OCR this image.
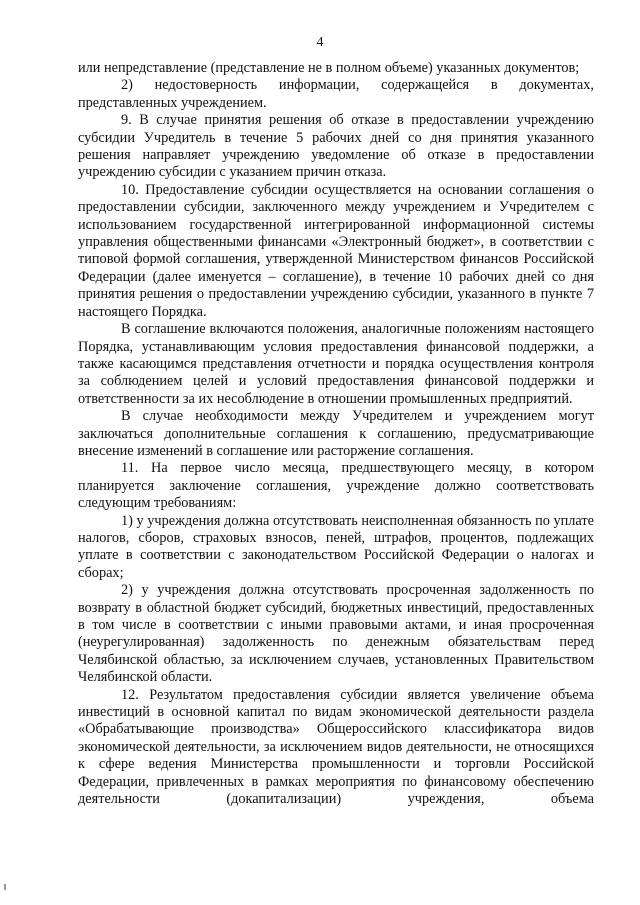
4

или непредставление (представление не в полном объеме) указанных документов;

2) недостоверность информации, содержащейся в документах, представленных учреждением.

9. В случае принятия решения об отказе в предоставлении учреждению субсидии Учредитель в течение 5 рабочих дней со дня принятия указанного решения направляет учреждению уведомление об отказе в предоставлении учреждению субсидии с указанием причин отказа.

10. Предоставление субсидии осуществляется на основании соглашения о предоставлении субсидии, заключенного между учреждением и Учредителем с использованием государственной интегрированной информационной системы управления общественными финансами «Электронный бюджет», в соответствии с типовой формой соглашения, утвержденной Министерством финансов Российской Федерации (далее именуется – соглашение), в течение 10 рабочих дней со дня принятия решения о предоставлении учреждению субсидии, указанного в пункте 7 настоящего Порядка.

В соглашение включаются положения, аналогичные положениям настоящего Порядка, устанавливающим условия предоставления финансовой поддержки, а также касающимся представления отчетности и порядка осуществления контроля за соблюдением целей и условий предоставления финансовой поддержки и ответственности за их несоблюдение в отношении промышленных предприятий.

В случае необходимости между Учредителем и учреждением могут заключаться дополнительные соглашения к соглашению, предусматривающие внесение изменений в соглашение или расторжение соглашения.

11. На первое число месяца, предшествующего месяцу, в котором планируется заключение соглашения, учреждение должно соответствовать следующим требованиям:

1) у учреждения должна отсутствовать неисполненная обязанность по уплате налогов, сборов, страховых взносов, пеней, штрафов, процентов, подлежащих уплате в соответствии с законодательством Российской Федерации о налогах и сборах;

2) у учреждения должна отсутствовать просроченная задолженность по возврату в областной бюджет субсидий, бюджетных инвестиций, предоставленных в том числе в соответствии с иными правовыми актами, и иная просроченная (неурегулированная) задолженность по денежным обязательствам перед Челябинской областью, за исключением случаев, установленных Правительством Челябинской области.

12. Результатом предоставления субсидии является увеличение объема инвестиций в основной капитал по видам экономической деятельности раздела «Обрабатывающие производства» Общероссийского классификатора видов экономической деятельности, за исключением видов деятельности, не относящихся к сфере ведения Министерства промышленности и торговли Российской Федерации, привлеченных в рамках мероприятия по финансовому обеспечению деятельности (докапитализации) учреждения, объема
